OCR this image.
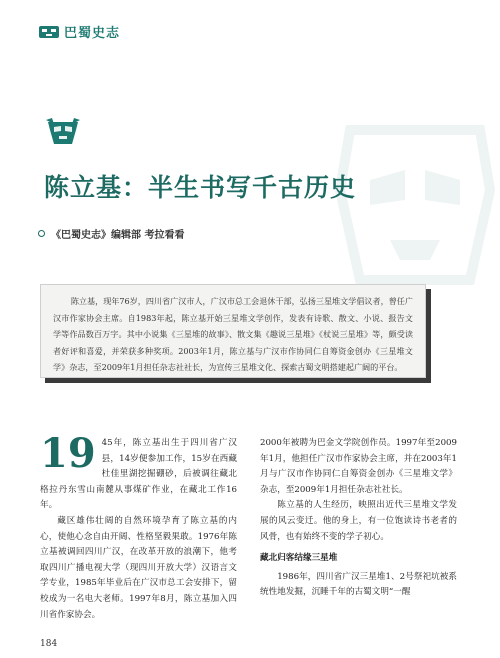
巴蜀史志
陈立基：半生书写千古历史
《巴蜀史志》编辑部 考拉看看
陈立基，现年76岁，四川省广汉市人，广汉市总工会退休干部，弘扬三星堆文学倡议者，曾任广汉市作家协会主席。自1983年起，陈立基开始三星堆文学创作，发表有诗歌、散文、小说、报告文学等作品数百万字。其中小说集《三星堆的故事》、散文集《趣说三星堆》《杖说三星堆》等，颇受读者好评和喜爱，并荣获多种奖项。2003年1月，陈立基与广汉市作协同仁自筹资金创办《三星堆文学》杂志，至2009年1月担任杂志社社长，为宣传三星堆文化、探索古蜀文明搭建起广阔的平台。

19 45年，陈立基出生于四川省广汉县，14岁便参加工作，15岁在西藏杜佳里湖挖掘硼砂，后被调往藏北格拉丹东雪山南麓从事煤矿作业，在藏北工作16年。

藏区雄伟壮阔的自然环境孕育了陈立基的内心，使他心念自由开阔、性格坚毅果敢。1976年陈立基被调回四川广汉，在改革开放的浪潮下，他考取四川广播电视大学（现四川开放大学）汉语言文学专业，1985年毕业后在广汉市总工会安排下，留校成为一名电大老师。1997年8月，陈立基加入四川省作家协会。

2000年被聘为巴金文学院创作员。1997年至2009年1月，他担任广汉市作家协会主席，并在2003年1月与广汉市作协同仁自筹资金创办《三星堆文学》杂志，至2009年1月担任杂志社社长。

陈立基的人生经历，映照出近代三星堆文学发展的风云变迁。他的身上，有一位饱读诗书老者的风骨，也有始终不变的学子初心。

藏北归客结缘三星堆

1986年，四川省广汉三星堆1、2号祭祀坑被系统性地发掘，沉睡千年的古蜀文明“一醒

184
